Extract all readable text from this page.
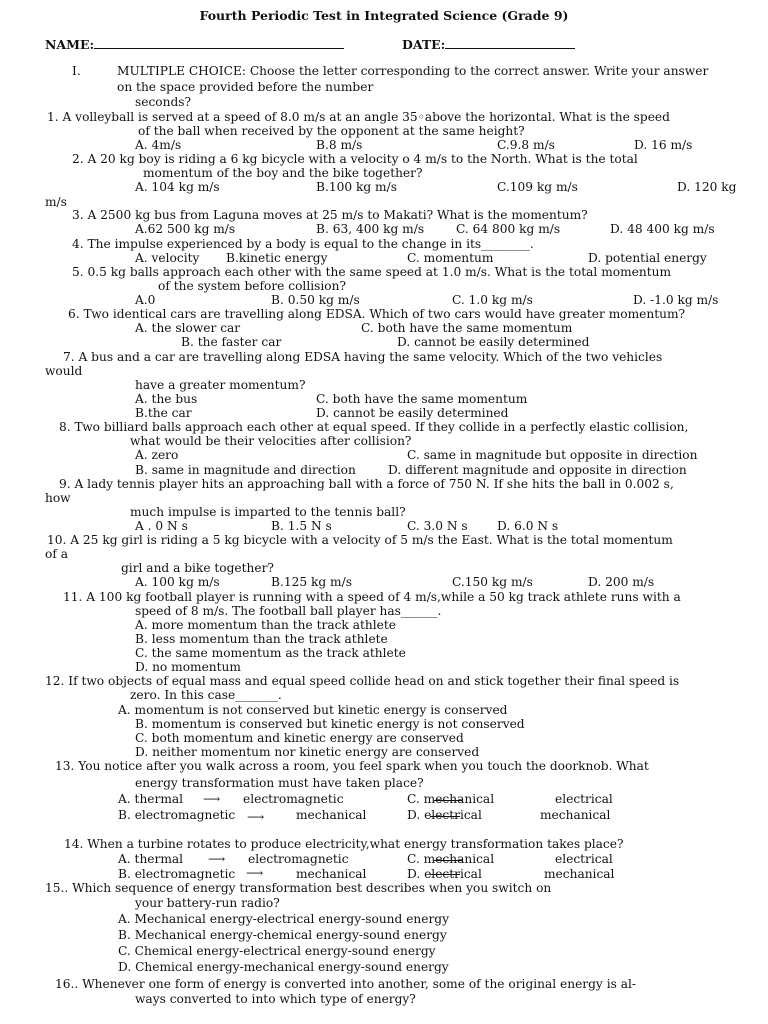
Fourth Periodic Test in Integrated Science (Grade 9)
NAME:	DATE:
I.	MULTIPLE CHOICE: Choose the letter corresponding to the correct answer. Write your answer
on the space provided before the number
seconds?
1. A volleyball is served at a speed of 8.0 m/s at an angle 35◦above the horizontal. What is the speed
of the ball when received by the opponent at the same height?
A. 4m/s	B.8 m/s	C.9.8 m/s	D. 16 m/s
2. A 20 kg boy is riding a 6 kg bicycle with a velocity o 4 m/s to the North. What is the total
momentum of the boy and the bike together?
A. 104 kg m/s	B.100 kg m/s	C.109 kg m/s	D. 120 kg
m/s
3. A 2500 kg bus from Laguna moves at 25 m/s to Makati? What is the momentum?
A.62 500 kg m/s	B. 63, 400 kg m/s	C. 64 800 kg m/s	D. 48 400 kg m/s
4. The impulse experienced by a body is equal to the change in its________.
A. velocity B.kinetic energy	C. momentum	D. potential energy
5. 0.5 kg balls approach each other with the same speed at 1.0 m/s. What is the total momentum
of the system before collision?
A.0	B. 0.50 kg m/s	C. 1.0 kg m/s	D. -1.0 kg m/s
6. Two identical cars are travelling along EDSA. Which of two cars would have greater momentum?
A. the slower car	C. both have the same momentum
B. the faster car	D. cannot be easily determined
7. A bus and a car are travelling along EDSA having the same velocity. Which of the two vehicles
would
have a greater momentum?
A. the bus	C. both have the same momentum
B.the car	D. cannot be easily determined
8. Two billiard balls approach each other at equal speed. If they collide in a perfectly elastic collision,
what would be their velocities after collision?
A. zero	C. same in magnitude but opposite in direction
B. same in magnitude and direction	D. different magnitude and opposite in direction
9. A lady tennis player hits an approaching ball with a force of 750 N. If she hits the ball in 0.002 s,
how
much impulse is imparted to the tennis ball?
A . 0 N s	B. 1.5 N s	C. 3.0 N s D. 6.0 N s
10. A 25 kg girl is riding a 5 kg bicycle with a velocity of 5 m/s the East. What is the total momentum
of a
girl and a bike together?
A. 100 kg m/s	B.125 kg m/s	C.150 kg m/s	D. 200 m/s
11. A 100 kg football player is running with a speed of 4 m/s,while a 50 kg track athlete runs with a
speed of 8 m/s. The football ball player has______.
A. more momentum than the track athlete
B. less momentum than the track athlete
C. the same momentum as the track athlete
D. no momentum
12. If two objects of equal mass and equal speed collide head on and stick together their final speed is
zero. In this case_______.
A. momentum is not conserved but kinetic energy is conserved
B. momentum is conserved but kinetic energy is not conserved
C. both momentum and kinetic energy are conserved
D. neither momentum nor kinetic energy are conserved
13. You notice after you walk across a room, you feel spark when you touch the doorknob. What
energy transformation must have taken place?
A. thermal ⟶ electromagnetic	C. mechanical	electrical
B. electromagnetic ⟶	mechanical	D. electrical	mechanical
14. When a turbine rotates to produce electricity,what energy transformation takes place?
A. thermal ⟶ electromagnetic	C. mechanical	electrical
B. electromagnetic ⟶	mechanical	D. electrical	mechanical
15.. Which sequence of energy transformation best describes when you switch on
your battery-run radio?
A. Mechanical energy-electrical energy-sound energy
B. Mechanical energy-chemical energy-sound energy
C. Chemical energy-electrical energy-sound energy
D. Chemical energy-mechanical energy-sound energy
16.. Whenever one form of energy is converted into another, some of the original energy is al-
ways converted to into which type of energy?
